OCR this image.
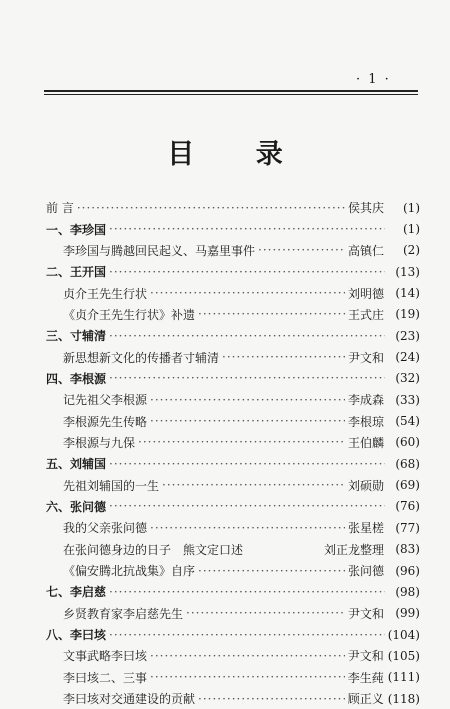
· 1 ·
目 录
前 言 ·····	侯其庆	(1)
一、李珍国 ·····	(1)
李珍国与腾越回民起义、马嘉里事件 ·····	高镇仁	(2)
二、王开国 ·····	(13)
贞介王先生行状 ·····	刘明德 (14)
《贞介王先生行状》补遗 ·····	王式庄 (19)
三、寸辅清 ·····	(23)
新思想新文化的传播者寸辅清 ·····	尹文和 (24)
四、李根源 ·····	(32)
记先祖父李根源 ·····	李成森 (33)
李根源先生传略 ·····	李根琼 (54)
李根源与九保 ·····	王伯麟 (60)
五、刘辅国 ·····	(68)
先祖刘辅国的一生 ·····	刘硕勋 (69)
六、张问德 ·····	(76)
我的父亲张问德 ·····	张星槎 (77)
在张问德身边的日子 熊文定口述	刘正龙整理 (83)
《偏安腾北抗战集》自序 ·····	张问德 (96)
七、李启慈 ·····	(98)
乡贤教育家李启慈先生 ·····	尹文和 (99)
八、李曰垓 ·····	(104)
文事武略李曰垓 ·····	尹文和 (105)
李曰垓二、三事 ·····	李生莼 (111)
李曰垓对交通建设的贡献 ·····	顾正义 (118)
